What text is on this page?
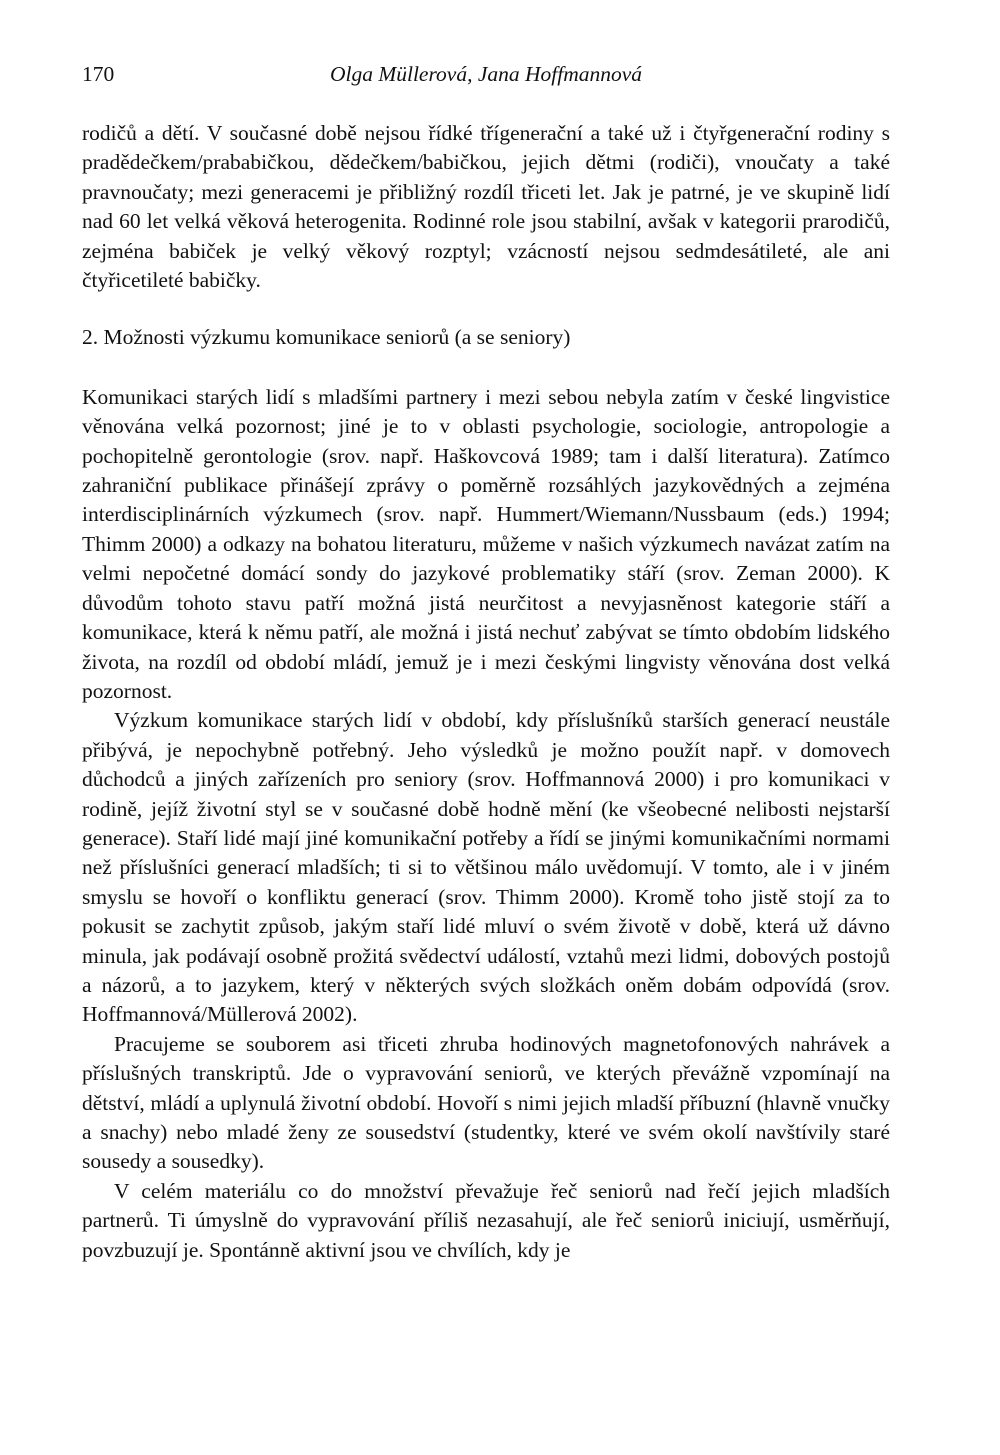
170	Olga Müllerová, Jana Hoffmannová

rodičů a dětí. V současné době nejsou řídké třígenerační a také už i čtyřgenerační rodiny s pradědečkem/prababičkou, dědečkem/babičkou, jejich dětmi (rodiči), vnoučaty a také pravnoučaty; mezi generacemi je přibližný rozdíl třiceti let. Jak je patrné, je ve skupině lidí nad 60 let velká věková heterogenita. Rodinné role jsou stabilní, avšak v kategorii prarodičů, zejména babiček je velký věkový rozptyl; vzácností nejsou sedmdesátileté, ale ani čtyřicetileté babičky.

2. Možnosti výzkumu komunikace seniorů (a se seniory)

Komunikaci starých lidí s mladšími partnery i mezi sebou nebyla zatím v české lingvistice věnována velká pozornost; jiné je to v oblasti psychologie, sociologie, antropologie a pochopitelně gerontologie (srov. např. Haškovcová 1989; tam i další literatura). Zatímco zahraniční publikace přinášejí zprávy o poměrně rozsáhlých jazykovědných a zejména interdisciplinárních výzkumech (srov. např. Hummert/Wiemann/Nussbaum (eds.) 1994; Thimm 2000) a odkazy na bohatou literaturu, můžeme v našich výzkumech navázat zatím na velmi nepočetné domácí sondy do jazykové problematiky stáří (srov. Zeman 2000). K důvodům tohoto stavu patří možná jistá neurčitost a nevyjasněnost kategorie stáří a komunikace, která k němu patří, ale možná i jistá nechuť zabývat se tímto obdobím lidského života, na rozdíl od období mládí, jemuž je i mezi českými lingvisty věnována dost velká pozornost.

Výzkum komunikace starých lidí v období, kdy příslušníků starších generací neustále přibývá, je nepochybně potřebný. Jeho výsledků je možno použít např. v domovech důchodců a jiných zařízeních pro seniory (srov. Hoffmannová 2000) i pro komunikaci v rodině, jejíž životní styl se v současné době hodně mění (ke všeobecné nelibosti nejstarší generace). Staří lidé mají jiné komunikační potřeby a řídí se jinými komunikačními normami než příslušníci generací mladších; ti si to většinou málo uvědomují. V tomto, ale i v jiném smyslu se hovoří o konfliktu generací (srov. Thimm 2000). Kromě toho jistě stojí za to pokusit se zachytit způsob, jakým staří lidé mluví o svém životě v době, která už dávno minula, jak podávají osobně prožitá svědectví událostí, vztahů mezi lidmi, dobových postojů a názorů, a to jazykem, který v některých svých složkách oněm dobám odpovídá (srov. Hoffmannová/Müllerová 2002).

Pracujeme se souborem asi třiceti zhruba hodinových magnetofonových nahrávek a příslušných transkriptů. Jde o vypravování seniorů, ve kterých převážně vzpomínají na dětství, mládí a uplynulá životní období. Hovoří s nimi jejich mladší příbuzní (hlavně vnučky a snachy) nebo mladé ženy ze sousedství (studentky, které ve svém okolí navštívily staré sousedy a sousedky).

V celém materiálu co do množství převažuje řeč seniorů nad řečí jejich mladších partnerů. Ti úmyslně do vypravování příliš nezasahují, ale řeč seniorů iniciují, usměrňují, povzbuzují je. Spontánně aktivní jsou ve chvílích, kdy je
